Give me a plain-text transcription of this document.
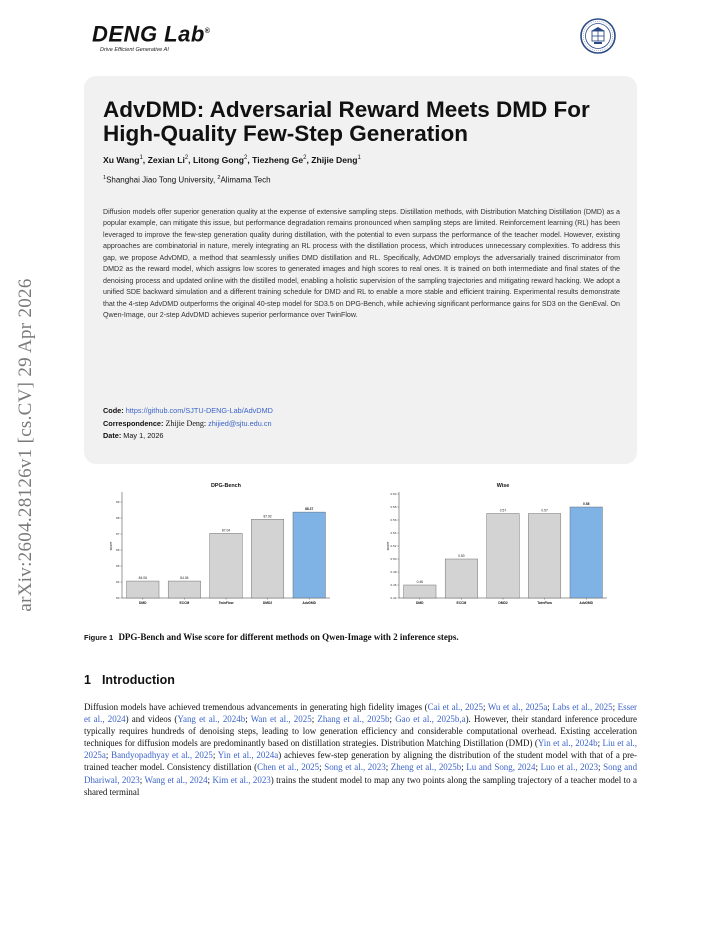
DENG Lab®
Drive Efficient Generative AI
arXiv:2604.28126v1 [cs.CV] 29 Apr 2026
AdvDMD: Adversarial Reward Meets DMD For High-Quality Few-Step Generation
Xu Wang$^1$, Zexian Li$^2$, Litong Gong$^2$, Tiezheng Ge$^2$, Zhijie Deng$^1$
$^1$Shanghai Jiao Tong University, $^2$Alimama Tech

Diffusion models offer superior generation quality at the expense of extensive sampling steps. Distillation methods, with Distribution Matching Distillation (DMD) as a popular example, can mitigate this issue, but performance degradation remains pronounced when sampling steps are limited. Reinforcement learning (RL) has been leveraged to improve the few-step generation quality during distillation, with the potential to even surpass the performance of the teacher model. However, existing approaches are combinatorial in nature, merely integrating an RL process with the distillation process, which introduces unnecessary complexities. To address this gap, we propose AdvDMD, a method that seamlessly unifies DMD distillation and RL. Specifically, AdvDMD employs the adversarially trained discriminator from DMD2 as the reward model, which assigns low scores to generated images and high scores to real ones. It is trained on both intermediate and final states of the denoising process and updated online with the distilled model, enabling a holistic supervision of the sampling trajectories and mitigating reward hacking. We adopt a unified SDE backward simulation and a different training schedule for DMD and RL to enable a more stable and efficient training. Experimental results demonstrate that the 4-step AdvDMD outperforms the original 40-step model for SD3.5 on DPG-Bench, while achieving significant performance gains for SD3 on the GenEval. On Qwen-Image, our 2-step AdvDMD achieves superior performance over TwinFlow.

Code: https://github.com/SJTU-DENG-Lab/AdvDMD
Correspondence: Zhijie Deng: zhijied@sjtu.edu.cn
Date: May 1, 2026
DPG-Bench
score
83
84
85
86
87
88
89
84.06
DMD
84.06
ECCM
87.04
TwinFlow
87.92
DMD2
88.37
AdvDMD
Wise
score
0.44
0.46
0.48
0.50
0.52
0.54
0.56
0.58
0.60
0.46
DMD
0.50
ECCM
0.57
DMD2
0.57
TwinFlow
0.58
AdvDMD
Figure 1 DPG-Bench and Wise score for different methods on Qwen-Image with 2 inference steps.
1 Introduction

Diffusion models have achieved tremendous advancements in generating high fidelity images (Cai et al., 2025; Wu et al., 2025a; Labs et al., 2025; Esser et al., 2024) and videos (Yang et al., 2024b; Wan et al., 2025; Zhang et al., 2025b; Gao et al., 2025b,a). However, their standard inference procedure typically requires hundreds of denoising steps, leading to low generation efficiency and considerable computational overhead. Existing acceleration techniques for diffusion models are predominantly based on distillation strategies. Distribution Matching Distillation (DMD) (Yin et al., 2024b; Liu et al., 2025a; Bandyopadhyay et al., 2025; Yin et al., 2024a) achieves few-step generation by aligning the distribution of the student model with that of a pre-trained teacher model. Consistency distillation (Chen et al., 2025; Song et al., 2023; Zheng et al., 2025b; Lu and Song, 2024; Luo et al., 2023; Song and Dhariwal, 2023; Wang et al., 2024; Kim et al., 2023) trains the student model to map any two points along the sampling trajectory of a teacher model to a shared terminal
